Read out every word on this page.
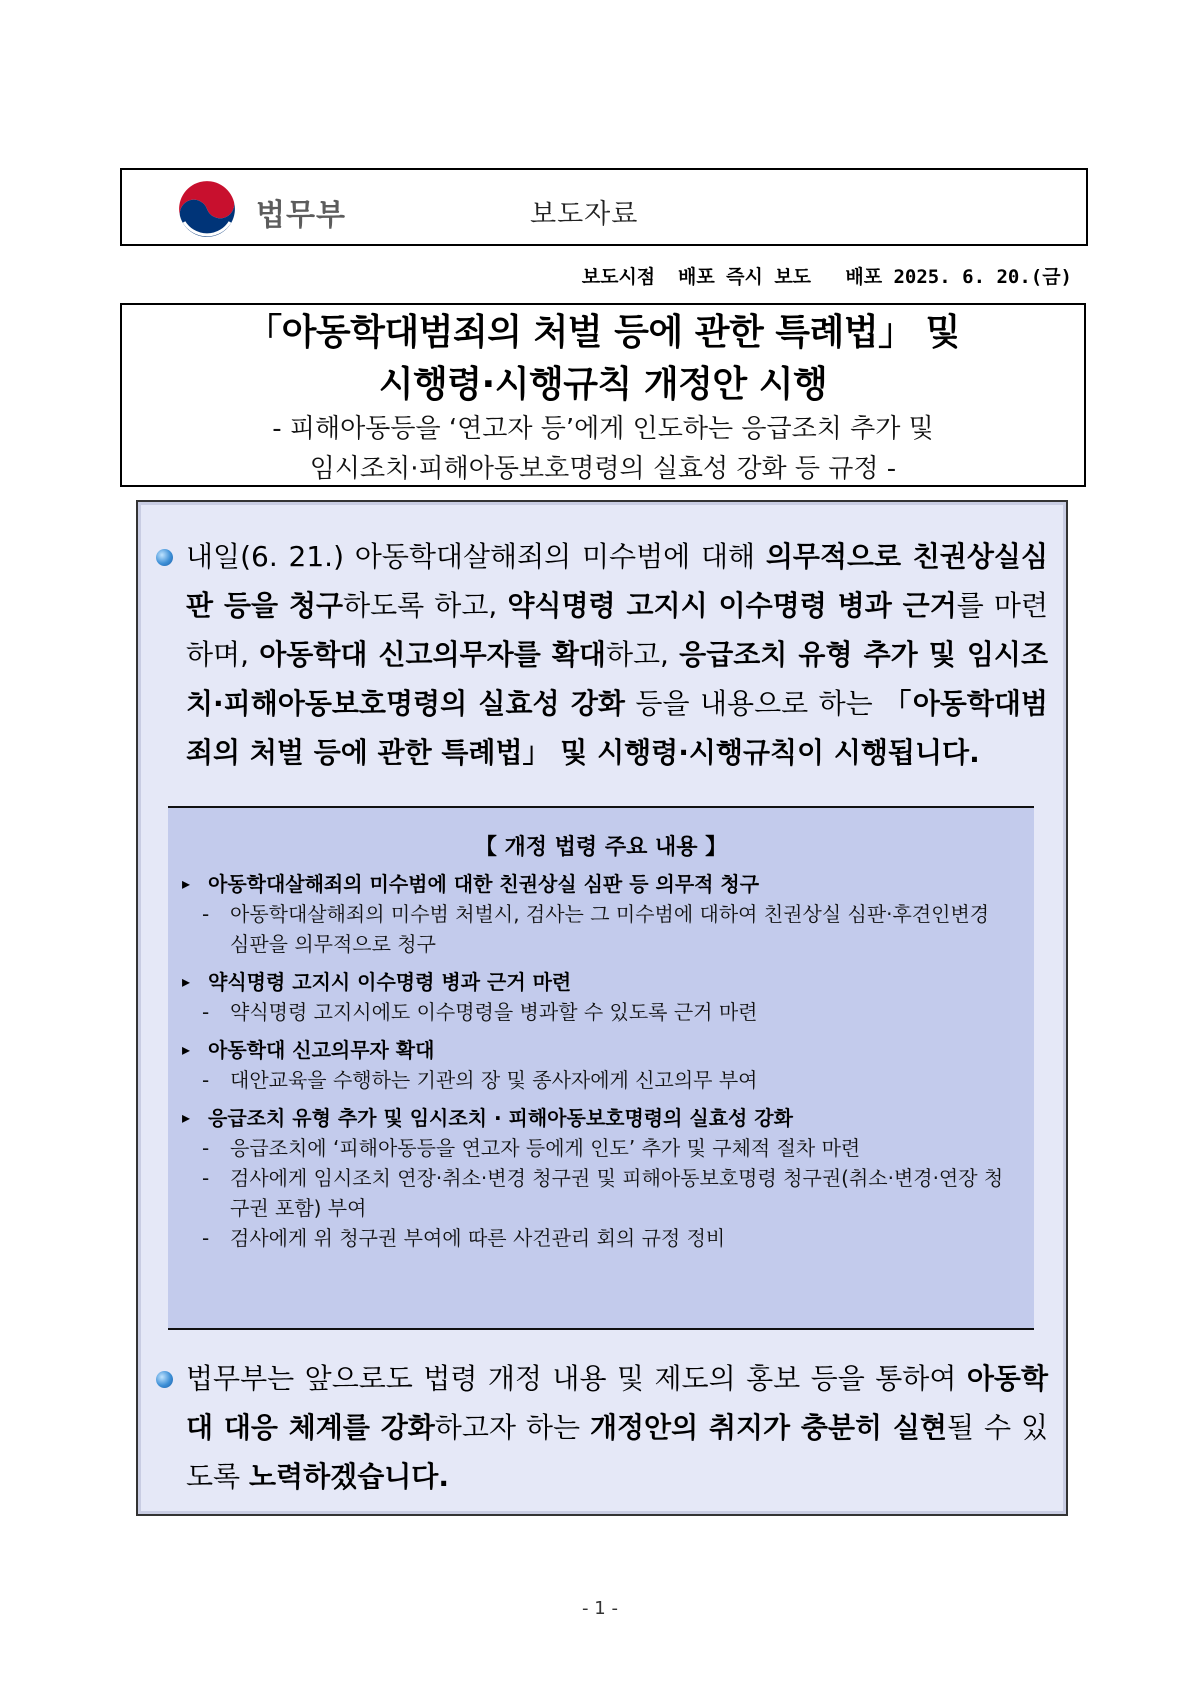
법무부	보도자료
보도시점  배포 즉시 보도   배포 2025. 6. 20.(금)
「아동학대범죄의 처벌 등에 관한 특례법」 및
시행령·시행규칙 개정안 시행
- 피해아동등을 ‘연고자 등’에게 인도하는 응급조치 추가 및
임시조치·피해아동보호명령의 실효성 강화 등 규정 -
내일(6. 21.) 아동학대살해죄의 미수범에 대해 의무적으로 친권상실심판 등을 청구하도록 하고, 약식명령 고지시 이수명령 병과 근거를 마련하며, 아동학대 신고의무자를 확대하고, 응급조치 유형 추가 및 임시조치·피해아동보호명령의 실효성 강화 등을 내용으로 하는 「아동학대범죄의 처벌 등에 관한 특례법」 및 시행령·시행규칙이 시행됩니다.
【 개정 법령 주요 내용 】
▸ 아동학대살해죄의 미수범에 대한 친권상실 심판 등 의무적 청구
- 아동학대살해죄의 미수범 처벌시, 검사는 그 미수범에 대하여 친권상실 심판·후견인변경 심판을 의무적으로 청구
▸ 약식명령 고지시 이수명령 병과 근거 마련
- 약식명령 고지시에도 이수명령을 병과할 수 있도록 근거 마련
▸ 아동학대 신고의무자 확대
- 대안교육을 수행하는 기관의 장 및 종사자에게 신고의무 부여
▸ 응급조치 유형 추가 및 임시조치 · 피해아동보호명령의 실효성 강화
- 응급조치에 ‘피해아동등을 연고자 등에게 인도’ 추가 및 구체적 절차 마련
- 검사에게 임시조치 연장·취소·변경 청구권 및 피해아동보호명령 청구권(취소·변경·연장 청구권 포함) 부여
- 검사에게 위 청구권 부여에 따른 사건관리 회의 규정 정비
법무부는 앞으로도 법령 개정 내용 및 제도의 홍보 등을 통하여 아동학대 대응 체계를 강화하고자 하는 개정안의 취지가 충분히 실현될 수 있도록 노력하겠습니다.
- 1 -
